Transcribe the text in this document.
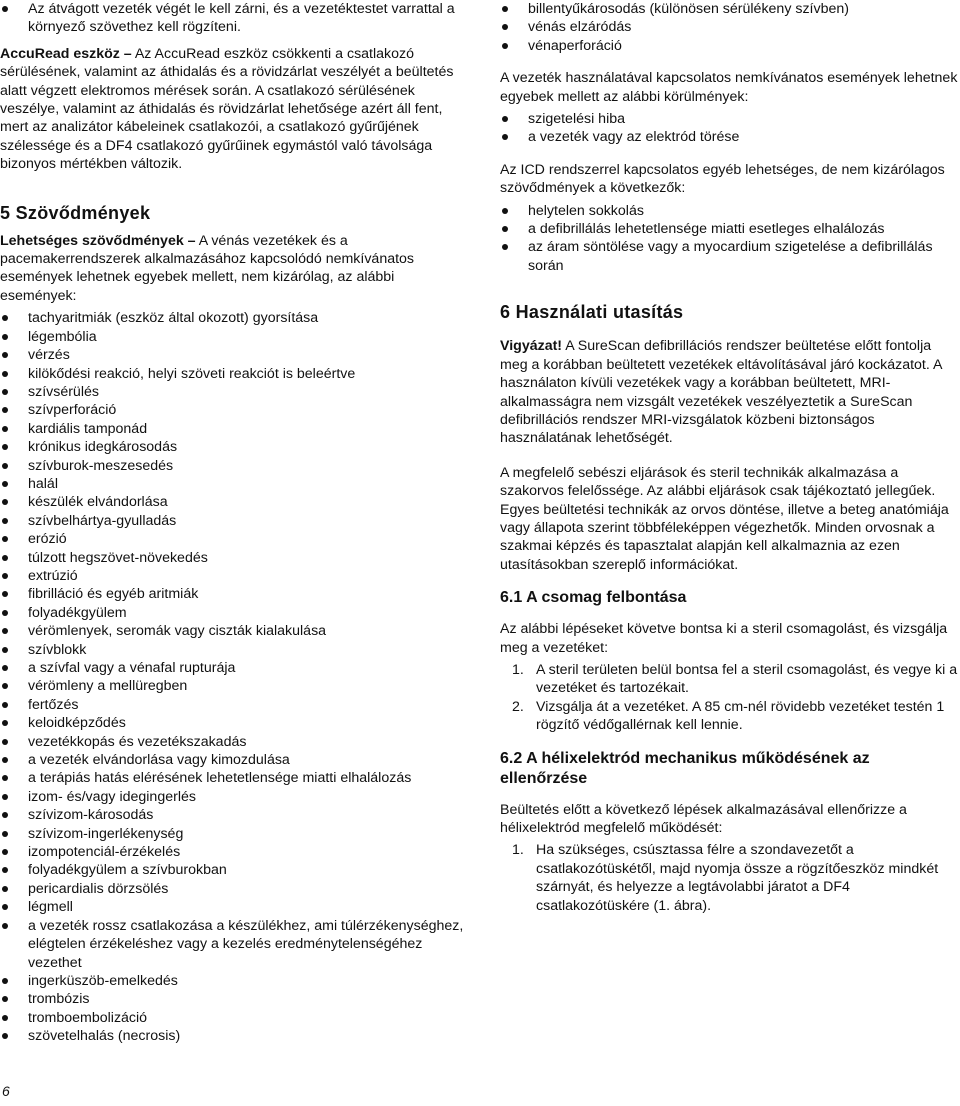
Az átvágott vezeték végét le kell zárni, és a vezetéktestet varrattal a környező szövethez kell rögzíteni.

AccuRead eszköz – Az AccuRead eszköz csökkenti a csatlakozó sérülésének, valamint az áthidalás és a rövidzárlat veszélyét a beültetés alatt végzett elektromos mérések során. A csatlakozó sérülésének veszélye, valamint az áthidalás és rövidzárlat lehetősége azért áll fent, mert az analizátor kábeleinek csatlakozói, a csatlakozó gyűrűjének szélessége és a DF4 csatlakozó gyűrűinek egymástól való távolsága bizonyos mértékben változik.

5 Szövődmények

Lehetséges szövődmények – A vénás vezetékek és a pacemakerrendszerek alkalmazásához kapcsolódó nemkívánatos események lehetnek egyebek mellett, nem kizárólag, az alábbi események:

tachyaritmiák (eszköz által okozott) gyorsítása
légembólia
vérzés
kilökődési reakció, helyi szöveti reakciót is beleértve
szívsérülés
szívperforáció
kardiális tamponád
krónikus idegkárosodás
szívburok-meszesedés
halál
készülék elvándorlása
szívbelhártya-gyulladás
erózió
túlzott hegszövet-növekedés
extrúzió
fibrilláció és egyéb aritmiák
folyadékgyülem
vérömlenyek, seromák vagy ciszták kialakulása
szívblokk
a szívfal vagy a vénafal rupturája
vérömleny a mellüregben
fertőzés
keloidképződés
vezetékkopás és vezetékszakadás
a vezeték elvándorlása vagy kimozdulása
a terápiás hatás elérésének lehetetlensége miatti elhalálozás
izom- és/vagy idegingerlés
szívizom-károsodás
szívizom-ingerlékenység
izompotenciál-érzékelés
folyadékgyülem a szívburokban
pericardialis dörzsölés
légmell
a vezeték rossz csatlakozása a készülékhez, ami túlérzékenységhez, elégtelen érzékeléshez vagy a kezelés eredménytelenségéhez vezethet
ingerküszöb-emelkedés
trombózis
tromboembolizáció
szövetelhalás (necrosis)
billentyűkárosodás (különösen sérülékeny szívben)
vénás elzáródás
vénaperforáció

A vezeték használatával kapcsolatos nemkívánatos események lehetnek egyebek mellett az alábbi körülmények:

szigetelési hiba
a vezeték vagy az elektród törése

Az ICD rendszerrel kapcsolatos egyéb lehetséges, de nem kizárólagos szövődmények a következők:

helytelen sokkolás
a defibrillálás lehetetlensége miatti esetleges elhalálozás
az áram söntölése vagy a myocardium szigetelése a defibrillálás során
6 Használati utasítás

Vigyázat! A SureScan defibrillációs rendszer beültetése előtt fontolja meg a korábban beültetett vezetékek eltávolításával járó kockázatot. A használaton kívüli vezetékek vagy a korábban beültetett, MRI-alkalmasságra nem vizsgált vezetékek veszélyeztetik a SureScan defibrillációs rendszer MRI-vizsgálatok közbeni biztonságos használatának lehetőségét.

A megfelelő sebészi eljárások és steril technikák alkalmazása a szakorvos felelőssége. Az alábbi eljárások csak tájékoztató jellegűek. Egyes beültetési technikák az orvos döntése, illetve a beteg anatómiája vagy állapota szerint többféleképpen végezhetők. Minden orvosnak a szakmai képzés és tapasztalat alapján kell alkalmaznia az ezen utasításokban szereplő információkat.

6.1 A csomag felbontása

Az alábbi lépéseket követve bontsa ki a steril csomagolást, és vizsgálja meg a vezetéket:

1. A steril területen belül bontsa fel a steril csomagolást, és vegye ki a vezetéket és tartozékait.
2. Vizsgálja át a vezetéket. A 85 cm-nél rövidebb vezetéket testén 1 rögzítő védőgallérnak kell lennie.
6.2 A hélixelektród mechanikus működésének az ellenőrzése

Beültetés előtt a következő lépések alkalmazásával ellenőrizze a hélixelektród megfelelő működését:

1. Ha szükséges, csúsztassa félre a szondavezetőt a csatlakozótüskétől, majd nyomja össze a rögzítőeszköz mindkét szárnyát, és helyezze a legtávolabbi járatot a DF4 csatlakozótüskére (1. ábra).
6
